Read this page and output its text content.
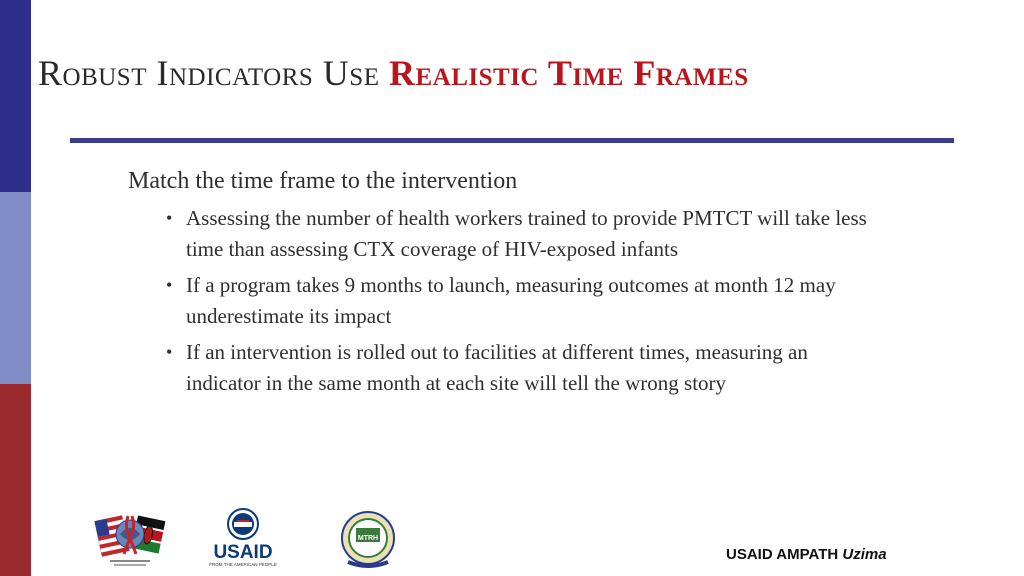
Robust Indicators Use Realistic Time Frames

Match the time frame to the intervention

• Assessing the number of health workers trained to provide PMTCT will take less time than assessing CTX coverage of HIV-exposed infants
• If a program takes 9 months to launch, measuring outcomes at month 12 may underestimate its impact
• If an intervention is rolled out to facilities at different times, measuring an indicator in the same month at each site will tell the wrong story
USAID
FROM THE AMERICAN PEOPLE
MTRH
USAID AMPATH Uzima
